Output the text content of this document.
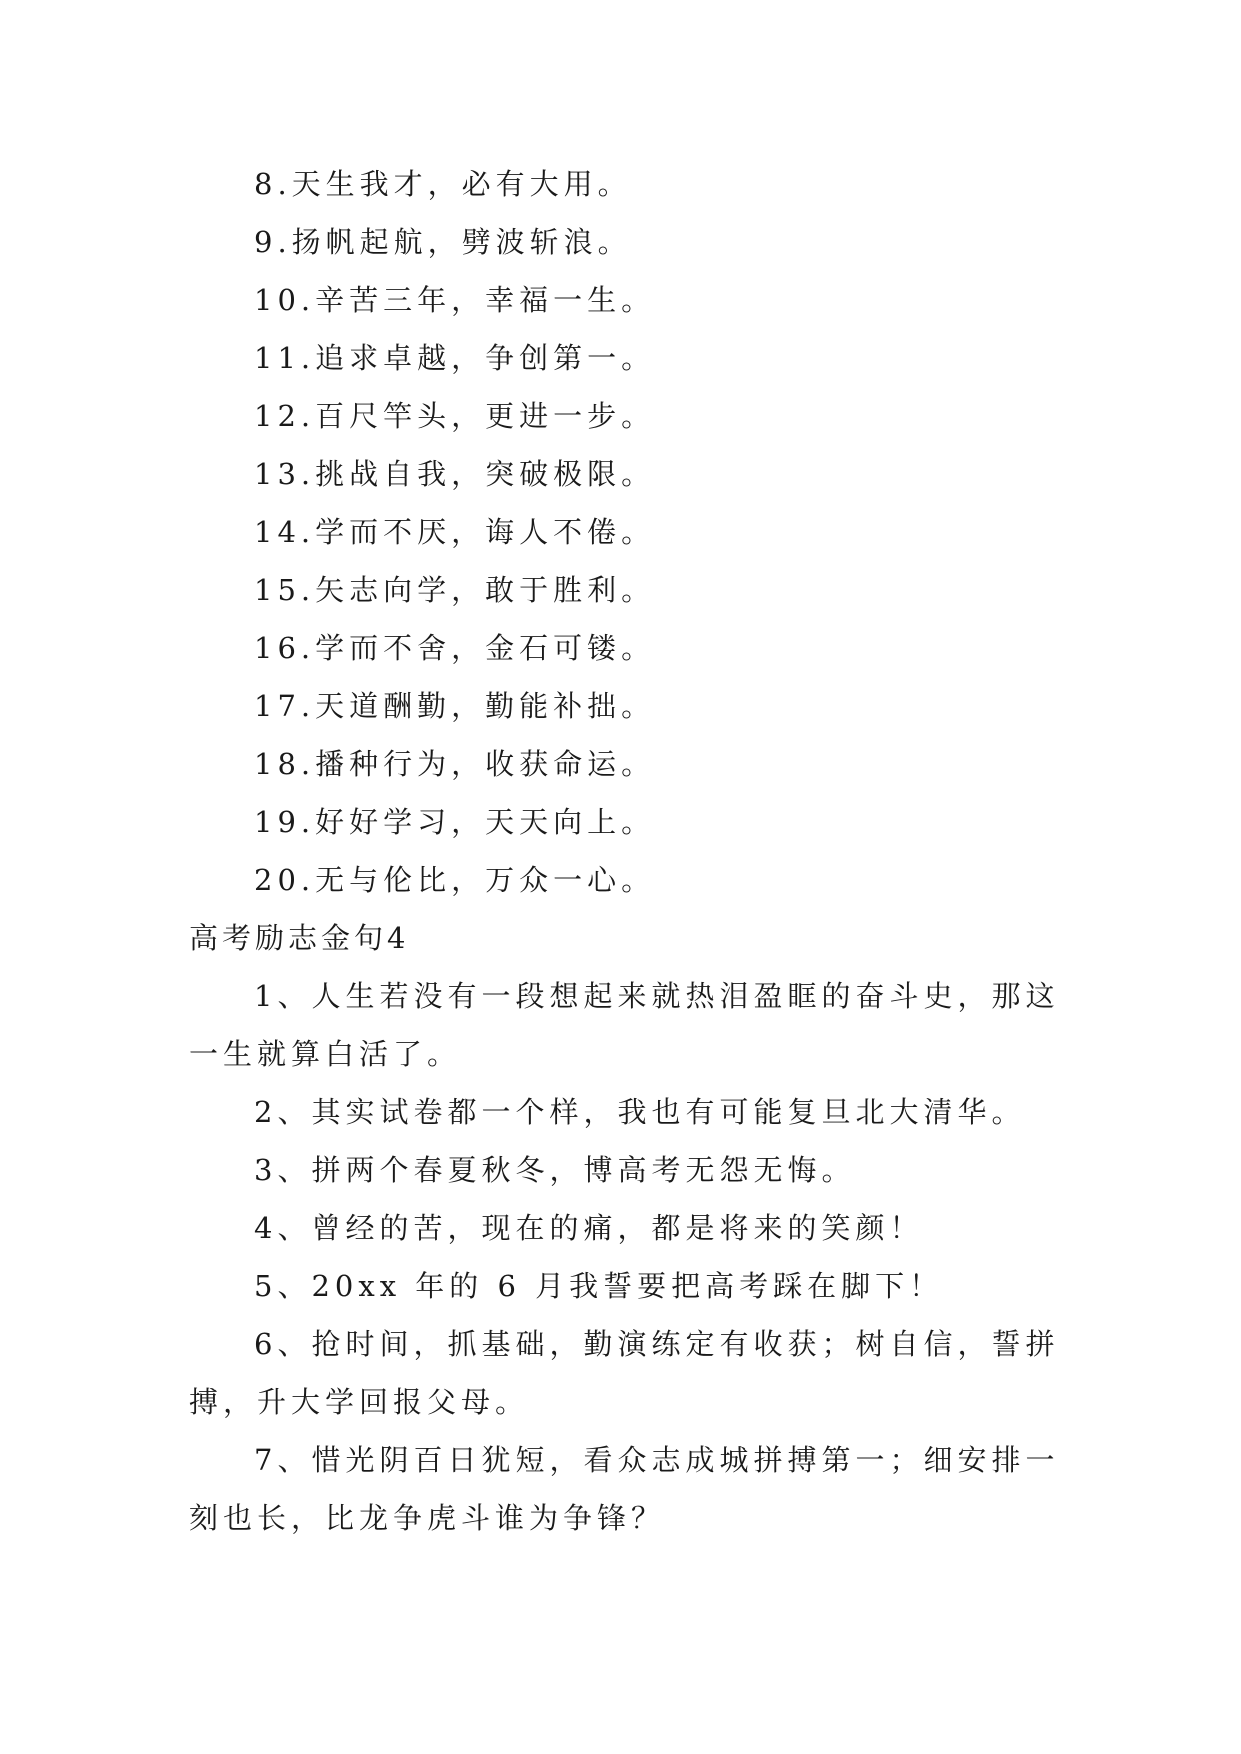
8.天生我才，必有大用。
9.扬帆起航，劈波斩浪。
10.辛苦三年，幸福一生。
11.追求卓越，争创第一。
12.百尺竿头，更进一步。
13.挑战自我，突破极限。
14.学而不厌，诲人不倦。
15.矢志向学，敢于胜利。
16.学而不舍，金石可镂。
17.天道酬勤，勤能补拙。
18.播种行为，收获命运。
19.好好学习，天天向上。
20.无与伦比，万众一心。
高考励志金句4
1、人生若没有一段想起来就热泪盈眶的奋斗史，那这
一生就算白活了。
2、其实试卷都一个样，我也有可能复旦北大清华。
3、拼两个春夏秋冬，博高考无怨无悔。
4、曾经的苦，现在的痛，都是将来的笑颜！
5、20xx 年的 6 月我誓要把高考踩在脚下！
6、抢时间，抓基础，勤演练定有收获；树自信，誓拼
搏，升大学回报父母。
7、惜光阴百日犹短，看众志成城拼搏第一；细安排一
刻也长，比龙争虎斗谁为争锋？
